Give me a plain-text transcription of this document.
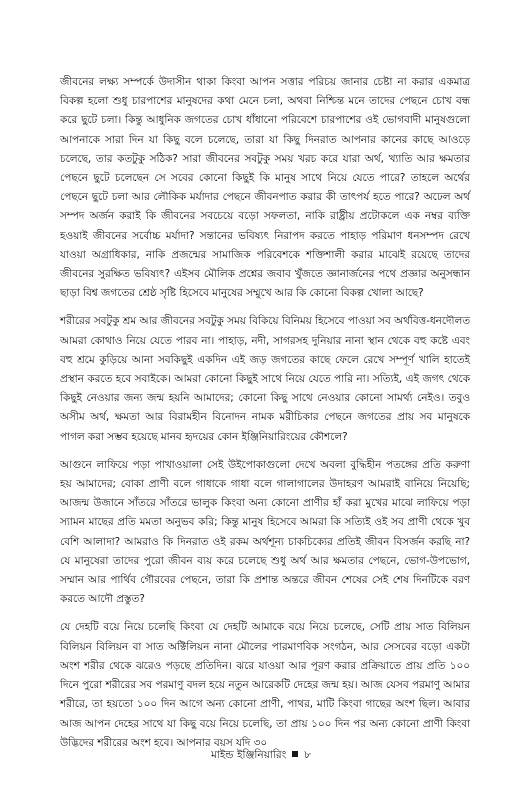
জীবনের লক্ষ্য সম্পর্কে উদাসীন থাকা কিংবা আপন সত্তার পরিচয় জানার চেষ্টা না করার একমাত্র বিকল্প হলো শুধু চারপাশের মানুষদের কথা মেনে চলা, অথবা নিশ্চিন্ত মনে তাদের পেছনে চোখ বন্ধ করে ছুটে চলা। কিন্তু আধুনিক জগতের চোখ ধাঁধানো পরিবেশে চারপাশের ওই ভোগবাদী মানুষগুলো আপনাকে সারা দিন যা কিছু বলে চলেছে, তারা যা কিছু দিনরাত আপনার কানের কাছে আওড়ে চলেছে, তার কতটুকু সঠিক? সারা জীবনের সবটুকু সময় খরচ করে যারা অর্থ, খ্যাতি আর ক্ষমতার পেছনে ছুটে চলেছেন সে সবের কোনো কিছুই কি মানুষ সাথে নিয়ে যেতে পারে? তাহলে অর্থের পেছনে ছুটে চলা আর লৌকিক মর্যাদার পেছনে জীবনপাত করার কী তাৎপর্য হতে পারে? অঢেল অর্থ সম্পদ অর্জন করাই কি জীবনের সবচেয়ে বড়ো সফলতা, নাকি রাষ্ট্রীয় প্রটোকলে এক নম্বর ব্যক্তি হওয়াই জীবনের সর্বোচ্চ মর্যাদা? সন্তানের ভবিষ্যৎ নিরাপদ করতে পাহাড় পরিমাণ ধনসম্পদ রেখে যাওয়া অগ্রাধিকার, নাকি প্রজন্মের সামাজিক পরিবেশকে শক্তিশালী করার মাঝেই রয়েছে তাদের জীবনের সুরক্ষিত ভবিষ্যৎ? এইসব মৌলিক প্রশ্নের জবাব খুঁজতে জ্ঞানার্জনের পথে প্রজ্ঞার অনুসন্ধান ছাড়া বিশ্ব জগতের শ্রেষ্ঠ সৃষ্টি হিসেবে মানুষের সম্মুখে আর কি কোনো বিকল্প খোলা আছে?

শরীরের সবটুকু শ্রম আর জীবনের সবটুকু সময় বিকিয়ে বিনিময় হিসেবে পাওয়া সব অর্থবিত্ত-ধনদৌলত আমরা কোথাও নিয়ে যেতে পারব না। পাহাড়, নদী, সাগরসহ দুনিয়ার নানা স্থান থেকে বহু কষ্টে এবং বহু শ্রমে কুড়িয়ে আনা সবকিছুই একদিন এই জড় জগতের কাছে ফেলে রেখে সম্পূর্ণ খালি হাতেই প্রস্থান করতে হবে সবাইকে। আমরা কোনো কিছুই সাথে নিয়ে যেতে পারি না। সত্যিই, এই জগৎ থেকে কিছুই নেওয়ার জন্য জন্ম হয়নি আমাদের; কোনো কিছু সাথে নেওয়ার কোনো সামর্থ্য নেইও। তবুও অসীম অর্থ, ক্ষমতা আর বিরামহীন বিনোদন নামক মরীচিকার পেছনে জগতের প্রায় সব মানুষকে পাগল করা সম্ভব হয়েছে মানব হৃদয়ের কোন ইঞ্জিনিয়ারিংয়ের কৌশলে?

আগুনে লাফিয়ে পড়া পাখাওয়ালা সেই উইপোকাগুলো দেখে অবলা বুদ্ধিহীন পতঙ্গের প্রতি করুণা হয় আমাদের; বোকা প্রাণী বলে গাধাকে গাধা বলে গালাগালের উদাহরণ আমরাই বানিয়ে নিয়েছি; আজন্ম উজানে সাঁতরে সাঁতরে ভালুক কিংবা অন্য কোনো প্রাণীর হাঁ করা মুখের মাঝে লাফিয়ে পড়া স্যামন মাছের প্রতি মমতা অনুভব করি; কিন্তু মানুষ হিসেবে আমরা কি সত্যিই ওই সব প্রাণী থেকে খুব বেশি আলাদা? আমরাও কি দিনরাত ওই রকম অর্থশূন্য চাকচিক্যের প্রতিই জীবন বিসর্জন করছি না? যে মানুষেরা তাদের পুরো জীবন ব্যয় করে চলেছে শুধু অর্থ আর ক্ষমতার পেছনে, ভোগ-উপভোগ, সম্মান আর পার্থিব গৌরবের পেছনে, তারা কি প্রশান্ত অন্তরে জীবন শেষের সেই শেষ দিনটিকে বরণ করতে আদৌ প্রস্তুত?

যে দেহটি বয়ে নিয়ে চলেছি কিংবা যে দেহটি আমাকে বয়ে নিয়ে চলেছে, সেটি প্রায় সাত বিলিয়ন বিলিয়ন বিলিয়ন বা সাত অক্টিলিয়ন নানা মৌলের পারমাণবিক সংগঠন, আর সেসবের বড়ো একটা অংশ শরীর থেকে ঝরেও পড়ছে প্রতিদিন। ঝরে যাওয়া আর পূরণ করার প্রক্রিয়াতে প্রায় প্রতি ১০০ দিনে পুরো শরীরের সব পরমাণু বদল হয়ে নতুন আরেকটি দেহের জন্ম হয়। আজ যেসব পরমাণু আমার শরীরে, তা হয়তো ১০০ দিন আগে অন্য কোনো প্রাণী, পাথর, মাটি কিংবা গাছের অংশ ছিল। আবার আজ আপন দেহের সাথে যা কিছু বয়ে নিয়ে চলেছি, তা প্রায় ১০০ দিন পর অন্য কোনো প্রাণী কিংবা উদ্ভিদের শরীরের অংশ হবে। আপনার বয়স যদি ৩০

মাইন্ড ইঞ্জিনিয়ারিং ৮
